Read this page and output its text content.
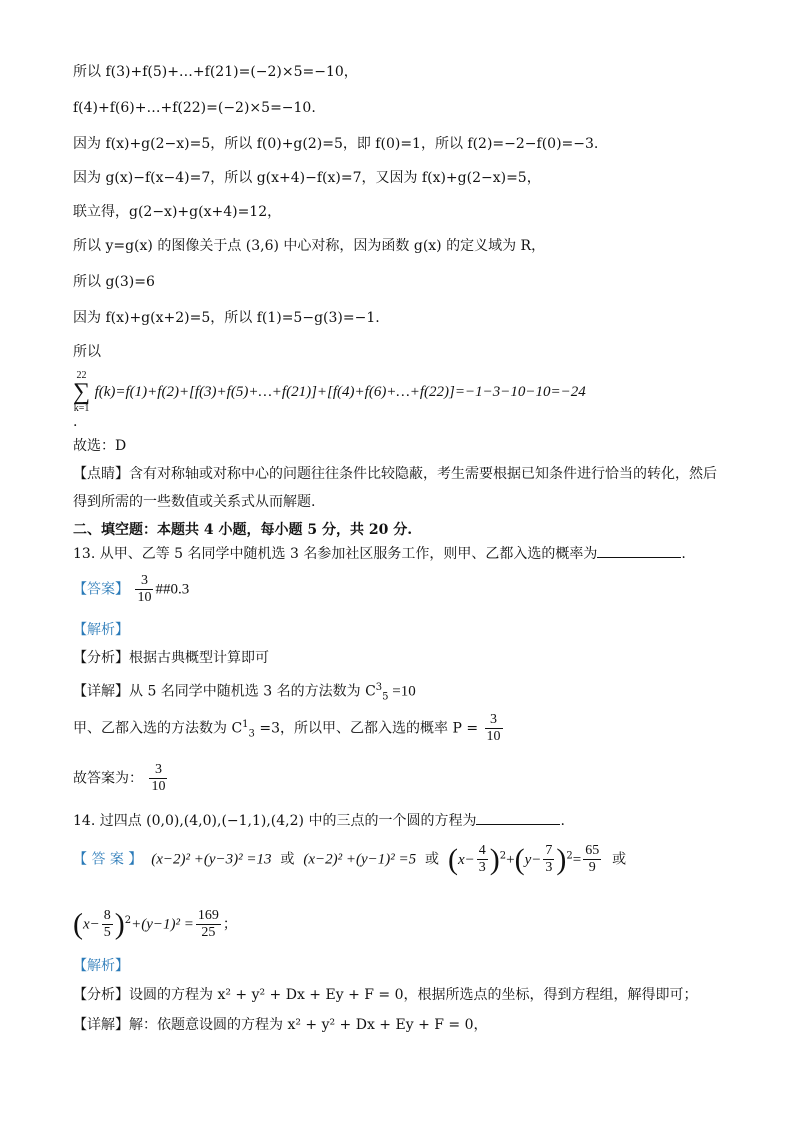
所以 f(3)+f(5)+…+f(21)=(−2)×5=−10，
f(4)+f(6)+…+f(22)=(−2)×5=−10.
因为 f(x)+g(2−x)=5，所以 f(0)+g(2)=5，即 f(0)=1，所以 f(2)=−2−f(0)=−3.
因为 g(x)−f(x−4)=7，所以 g(x+4)−f(x)=7，又因为 f(x)+g(2−x)=5，
联立得，g(2−x)+g(x+4)=12，
所以 y=g(x) 的图像关于点 (3,6) 中心对称，因为函数 g(x) 的定义域为 R，
所以 g(3)=6
因为 f(x)+g(x+2)=5，所以 f(1)=5−g(3)=−1.
所以
22
∑
k=1
f(k)=f(1)+f(2)+[f(3)+f(5)+…+f(21)]+[f(4)+f(6)+…+f(22)]=−1−3−10−10=−24
.
故选：D
【点睛】含有对称轴或对称中心的问题往往条件比较隐蔽，考生需要根据已知条件进行恰当的转化，然后
得到所需的一些数值或关系式从而解题.
二、填空题：本题共 4 小题，每小题 5 分，共 20 分.
13. 从甲、乙等 5 名同学中随机选 3 名参加社区服务工作，则甲、乙都入选的概率为	.
【答案】 $\frac{3}{10}$ ##0.3
【解析】
【分析】根据古典概型计算即可
【详解】从 5 名同学中随机选 3 名的方法数为 $C^3_5 =10$
甲、乙都入选的方法数为 $C^1_3 =3$，所以甲、乙都入选的概率 $P = \frac{3}{10}$
故答案为： $\frac{3}{10}$
14. 过四点 (0,0),(4,0),(−1,1),(4,2) 中的三点的一个圆的方程为	.
【 答 案 】 (x−2)² +(y−3)² =13 或 (x−2)² +(y−1)² =5 或 $(x- \frac{4}{3} )^2+(y- \frac{7}{3} )^2= \frac{65}{9}$ 或
$(x- \frac{8}{5} )^2+(y-1)^2 = \frac{169}{25}$ ；
【解析】
【分析】设圆的方程为 x² + y² + Dx + Ey + F = 0，根据所选点的坐标，得到方程组，解得即可；
【详解】解：依题意设圆的方程为 x² + y² + Dx + Ey + F = 0，
